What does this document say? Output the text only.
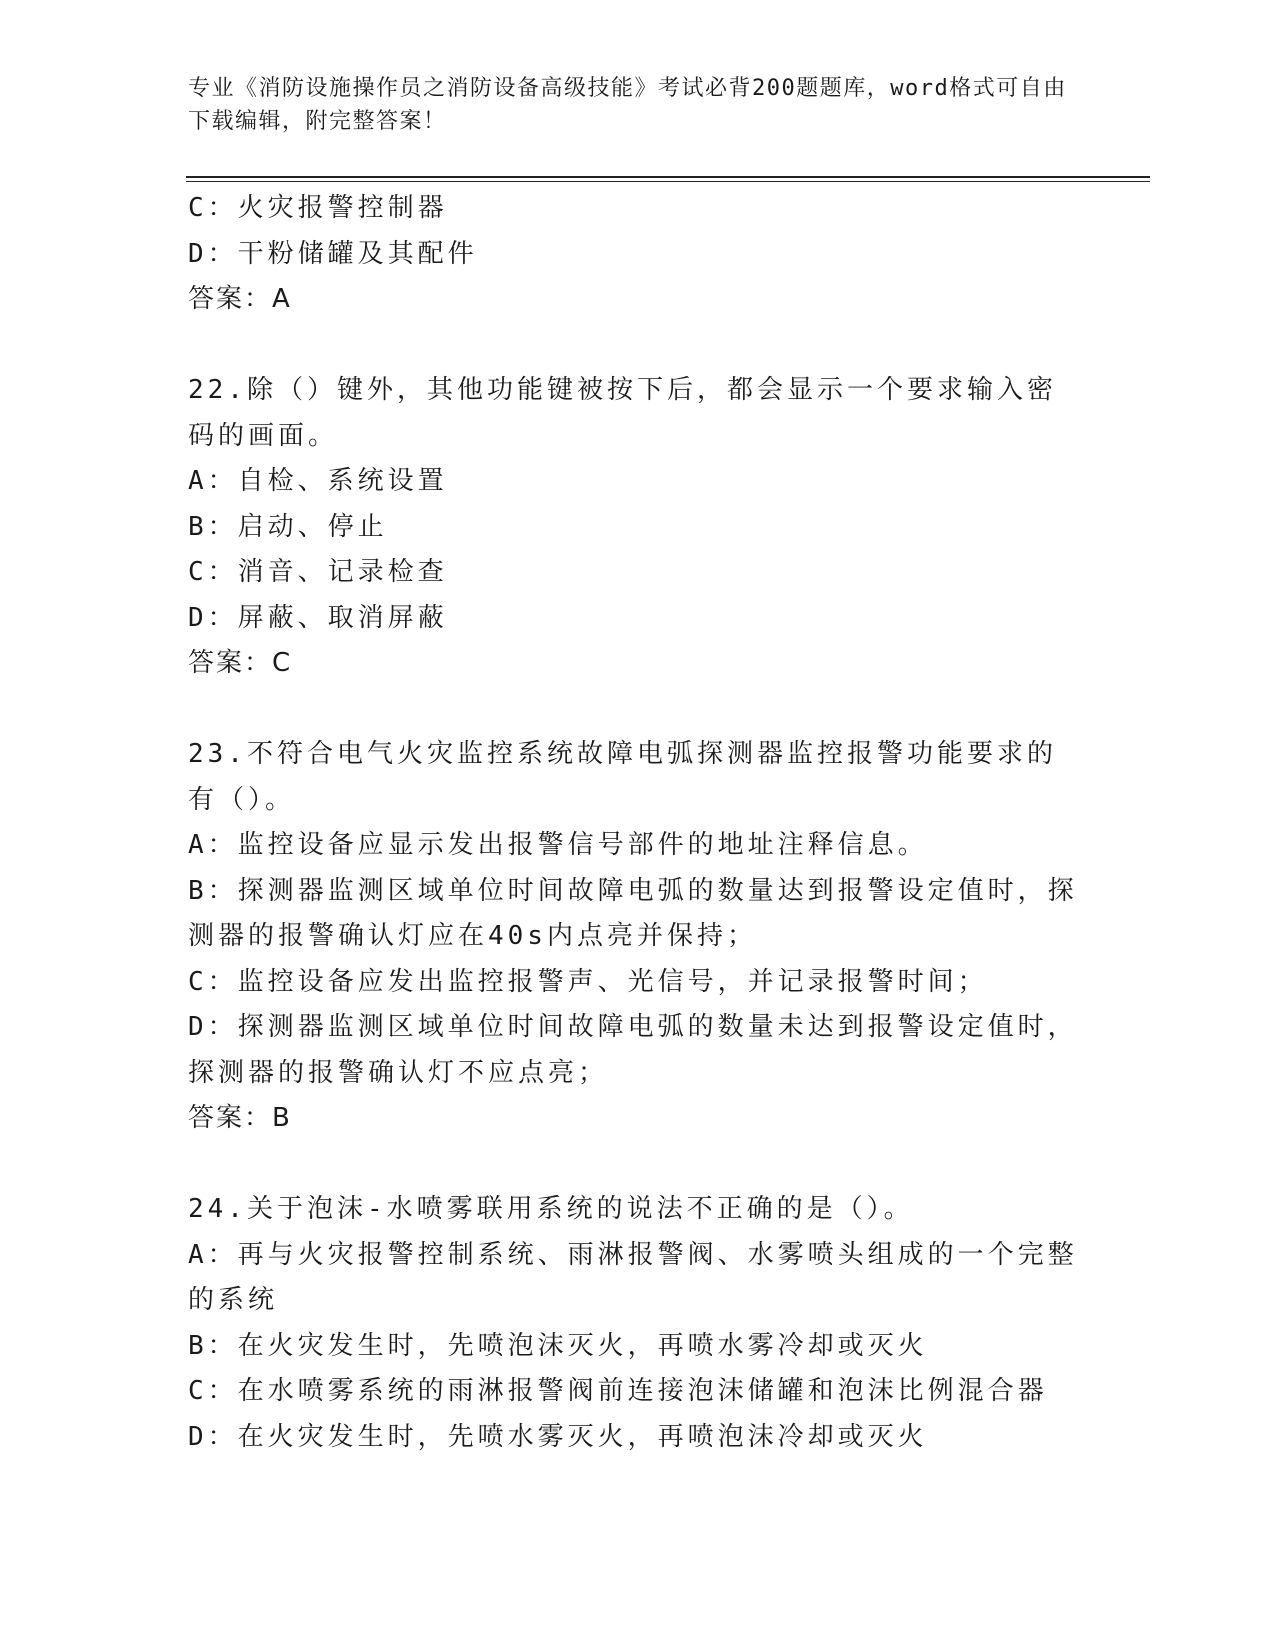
专业《消防设施操作员之消防设备高级技能》考试必背200题题库，word格式可自由下载编辑，附完整答案！
C：火灾报警控制器
D：干粉储罐及其配件
答案：A
22.除（）键外，其他功能键被按下后，都会显示一个要求输入密码的画面。
A：自检、系统设置
B：启动、停止
C：消音、记录检查
D：屏蔽、取消屏蔽
答案：C
23.不符合电气火灾监控系统故障电弧探测器监控报警功能要求的有（）。
A：监控设备应显示发出报警信号部件的地址注释信息。
B：探测器监测区域单位时间故障电弧的数量达到报警设定值时，探测器的报警确认灯应在40s内点亮并保持；
C：监控设备应发出监控报警声、光信号，并记录报警时间；
D：探测器监测区域单位时间故障电弧的数量未达到报警设定值时，探测器的报警确认灯不应点亮；
答案：B
24.关于泡沫-水喷雾联用系统的说法不正确的是（）。
A：再与火灾报警控制系统、雨淋报警阀、水雾喷头组成的一个完整的系统
B：在火灾发生时，先喷泡沫灭火，再喷水雾冷却或灭火
C：在水喷雾系统的雨淋报警阀前连接泡沫储罐和泡沫比例混合器
D：在火灾发生时，先喷水雾灭火，再喷泡沫冷却或灭火
